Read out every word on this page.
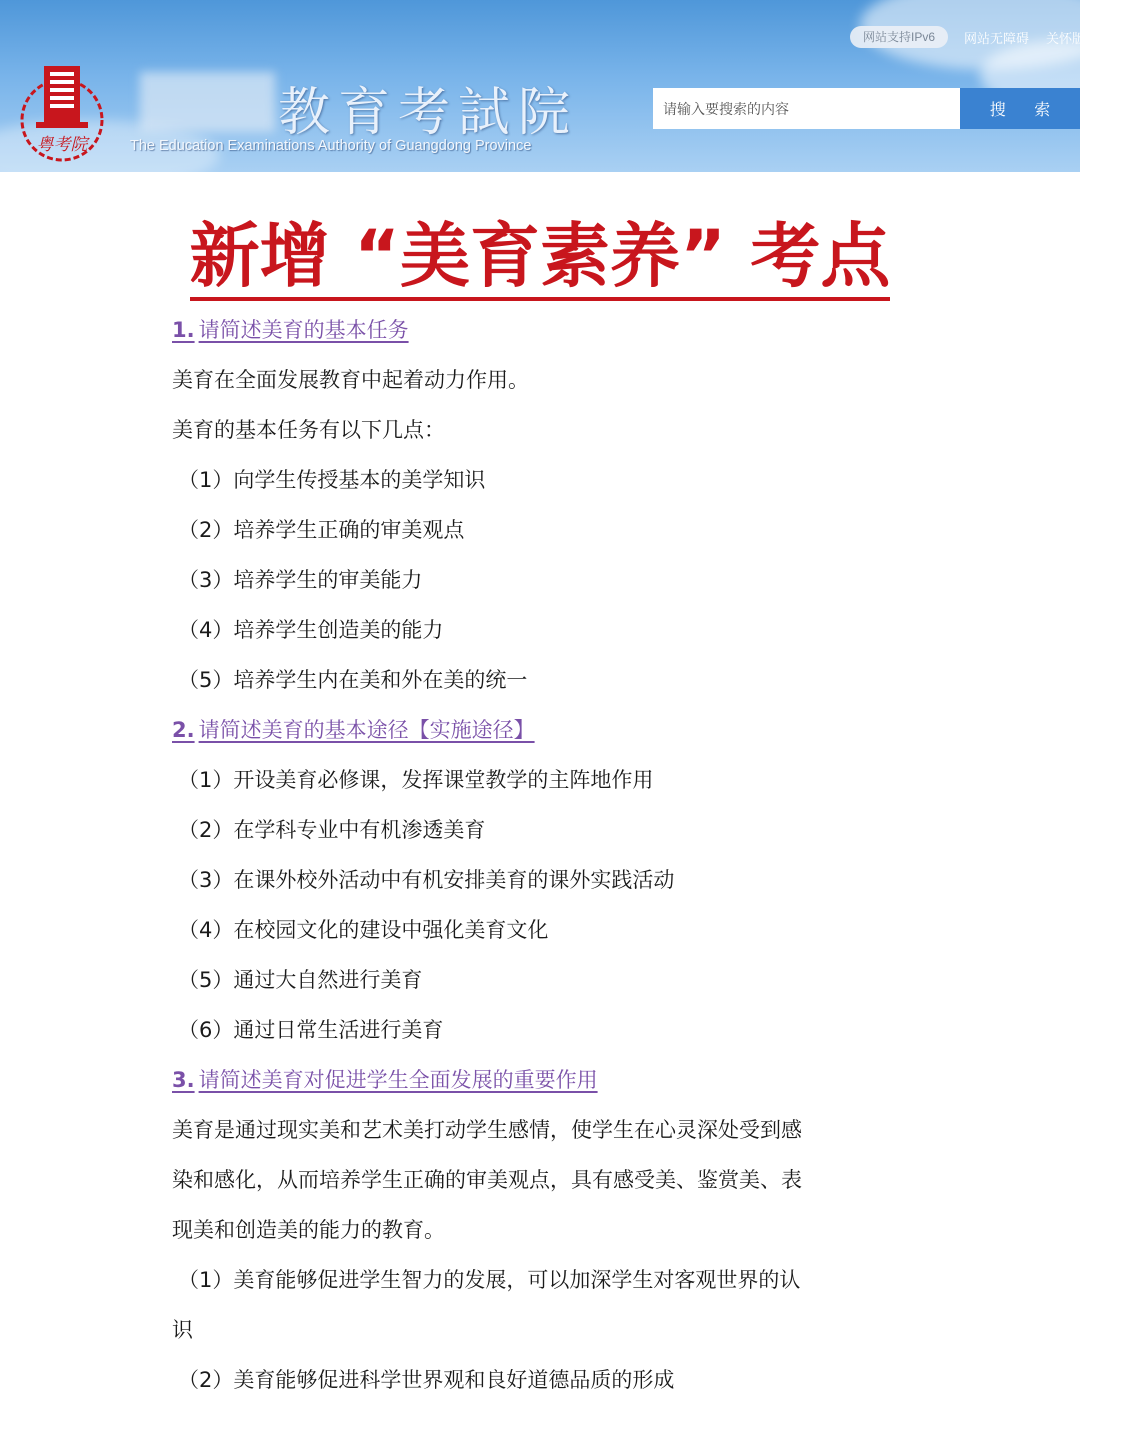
粤考院
教育考試院
The Education Examinations Authority of Guangdong Province
网站支持IPv6	网站无障碍 关怀版
请输入要搜索的内容
搜 索
新增 “美育素养” 考点
1. 请简述美育的基本任务
美育在全面发展教育中起着动力作用。
美育的基本任务有以下几点：
（1）向学生传授基本的美学知识
（2）培养学生正确的审美观点
（3）培养学生的审美能力
（4）培养学生创造美的能力
（5）培养学生内在美和外在美的统一
2. 请简述美育的基本途径【实施途径】
（1）开设美育必修课，发挥课堂教学的主阵地作用
（2）在学科专业中有机渗透美育
（3）在课外校外活动中有机安排美育的课外实践活动
（4）在校园文化的建设中强化美育文化
（5）通过大自然进行美育
（6）通过日常生活进行美育
3. 请简述美育对促进学生全面发展的重要作用
美育是通过现实美和艺术美打动学生感情，使学生在心灵深处受到感
染和感化，从而培养学生正确的审美观点，具有感受美、鉴赏美、表
现美和创造美的能力的教育。
（1）美育能够促进学生智力的发展，可以加深学生对客观世界的认
识
（2）美育能够促进科学世界观和良好道德品质的形成
